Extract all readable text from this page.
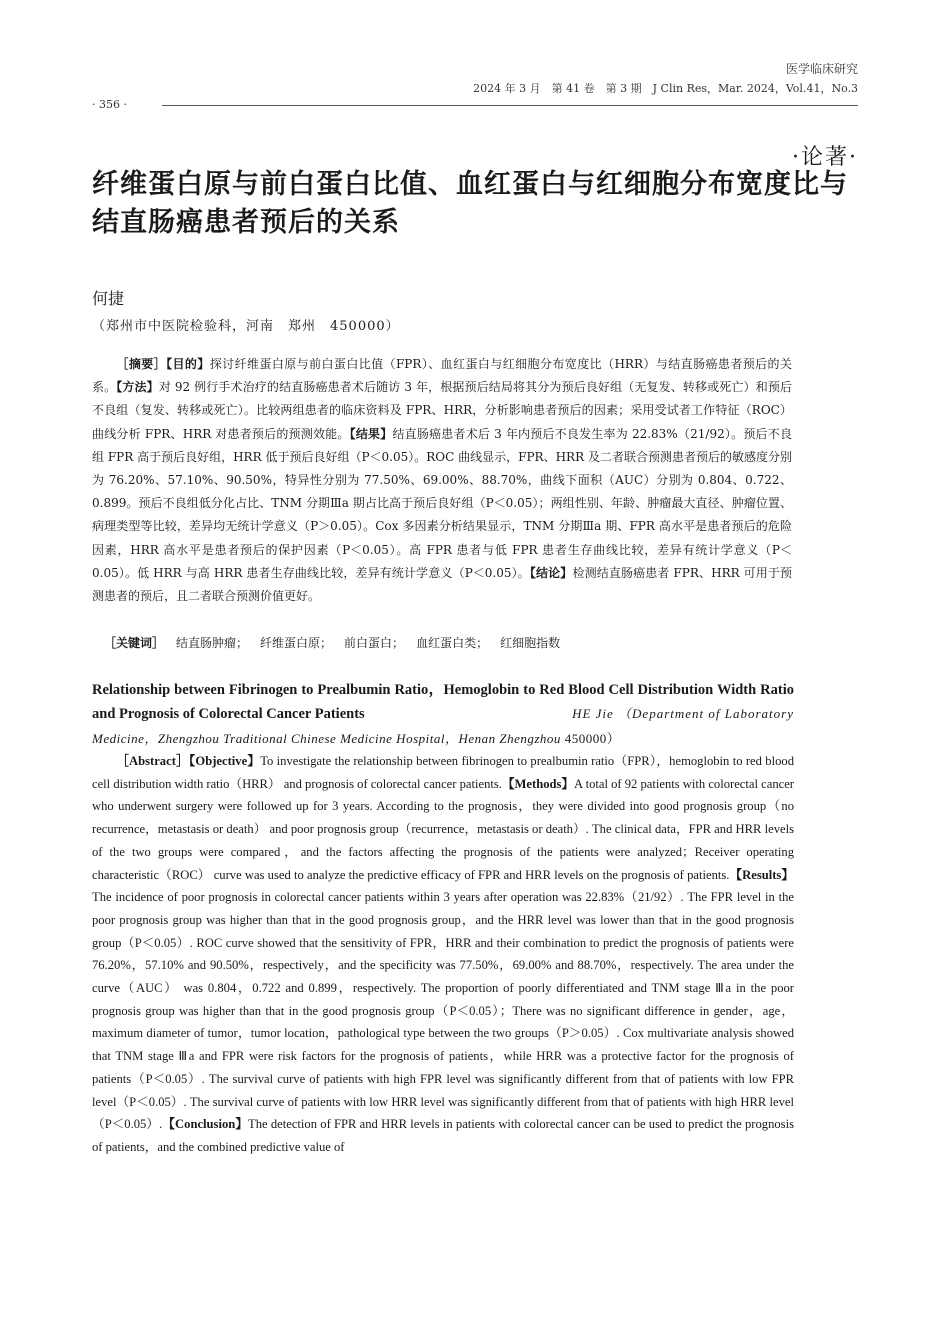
医学临床研究
2024 年 3 月　第 41 卷　第 3 期　J Clin Res，Mar. 2024，Vol.41，No.3
· 356 ·
·论著·
纤维蛋白原与前白蛋白比值、血红蛋白与红细胞分布宽度比与结直肠癌患者预后的关系
何捷
（郑州市中医院检验科，河南　郑州　450000）

［摘要］【目的】探讨纤维蛋白原与前白蛋白比值（FPR）、血红蛋白与红细胞分布宽度比（HRR）与结直肠癌患者预后的关系。【方法】对 92 例行手术治疗的结直肠癌患者术后随访 3 年，根据预后结局将其分为预后良好组（无复发、转移或死亡）和预后不良组（复发、转移或死亡）。比较两组患者的临床资料及 FPR、HRR，分析影响患者预后的因素；采用受试者工作特征（ROC）曲线分析 FPR、HRR 对患者预后的预测效能。【结果】结直肠癌患者术后 3 年内预后不良发生率为 22.83%（21/92）。预后不良组 FPR 高于预后良好组，HRR 低于预后良好组（P＜0.05）。ROC 曲线显示，FPR、HRR 及二者联合预测患者预后的敏感度分别为 76.20%、57.10%、90.50%，特异性分别为 77.50%、69.00%、88.70%，曲线下面积（AUC）分别为 0.804、0.722、0.899。预后不良组低分化占比、TNM 分期Ⅲa 期占比高于预后良好组（P＜0.05）；两组性别、年龄、肿瘤最大直径、肿瘤位置、病理类型等比较，差异均无统计学意义（P＞0.05）。Cox 多因素分析结果显示，TNM 分期Ⅲa 期、FPR 高水平是患者预后的危险因素，HRR 高水平是患者预后的保护因素（P＜0.05）。高 FPR 患者与低 FPR 患者生存曲线比较，差异有统计学意义（P＜0.05）。低 HRR 与高 HRR 患者生存曲线比较，差异有统计学意义（P＜0.05）。【结论】检测结直肠癌患者 FPR、HRR 可用于预测患者的预后，且二者联合预测价值更好。

［关键词］ 结直肠肿瘤； 纤维蛋白原； 前白蛋白； 血红蛋白类； 红细胞指数

Relationship between Fibrinogen to Prealbumin Ratio，Hemoglobin to Red Blood Cell Distribution Width Ratio and Prognosis of Colorectal Cancer Patients	HE Jie （Department of Laboratory

Medicine，Zhengzhou Traditional Chinese Medicine Hospital，Henan Zhengzhou 450000）

［Abstract］【Objective】To investigate the relationship between fibrinogen to prealbumin ratio（FPR），hemoglobin to red blood cell distribution width ratio（HRR） and prognosis of colorectal cancer patients.【Methods】A total of 92 patients with colorectal cancer who underwent surgery were followed up for 3 years. According to the prognosis，they were divided into good prognosis group（no recurrence，metastasis or death） and poor prognosis group（recurrence，metastasis or death）. The clinical data，FPR and HRR levels of the two groups were compared，and the factors affecting the prognosis of the patients were analyzed；Receiver operating characteristic（ROC） curve was used to analyze the predictive efficacy of FPR and HRR levels on the prognosis of patients.【Results】 The incidence of poor prognosis in colorectal cancer patients within 3 years after operation was 22.83%（21/92）. The FPR level in the poor prognosis group was higher than that in the good prognosis group，and the HRR level was lower than that in the good prognosis group（P＜0.05）. ROC curve showed that the sensitivity of FPR，HRR and their combination to predict the prognosis of patients were 76.20%，57.10% and 90.50%，respectively，and the specificity was 77.50%，69.00% and 88.70%，respectively. The area under the curve（AUC） was 0.804，0.722 and 0.899，respectively. The proportion of poorly differentiated and TNM stage Ⅲa in the poor prognosis group was higher than that in the good prognosis group（P＜0.05）；There was no significant difference in gender，age，maximum diameter of tumor，tumor location，pathological type between the two groups（P＞0.05）. Cox multivariate analysis showed that TNM stage Ⅲa and FPR were risk factors for the prognosis of patients，while HRR was a protective factor for the prognosis of patients（P＜0.05）. The survival curve of patients with high FPR level was significantly different from that of patients with low FPR level（P＜0.05）. The survival curve of patients with low HRR level was significantly different from that of patients with high HRR level（P＜0.05）.【Conclusion】The detection of FPR and HRR levels in patients with colorectal cancer can be used to predict the prognosis of patients，and the combined predictive value of
